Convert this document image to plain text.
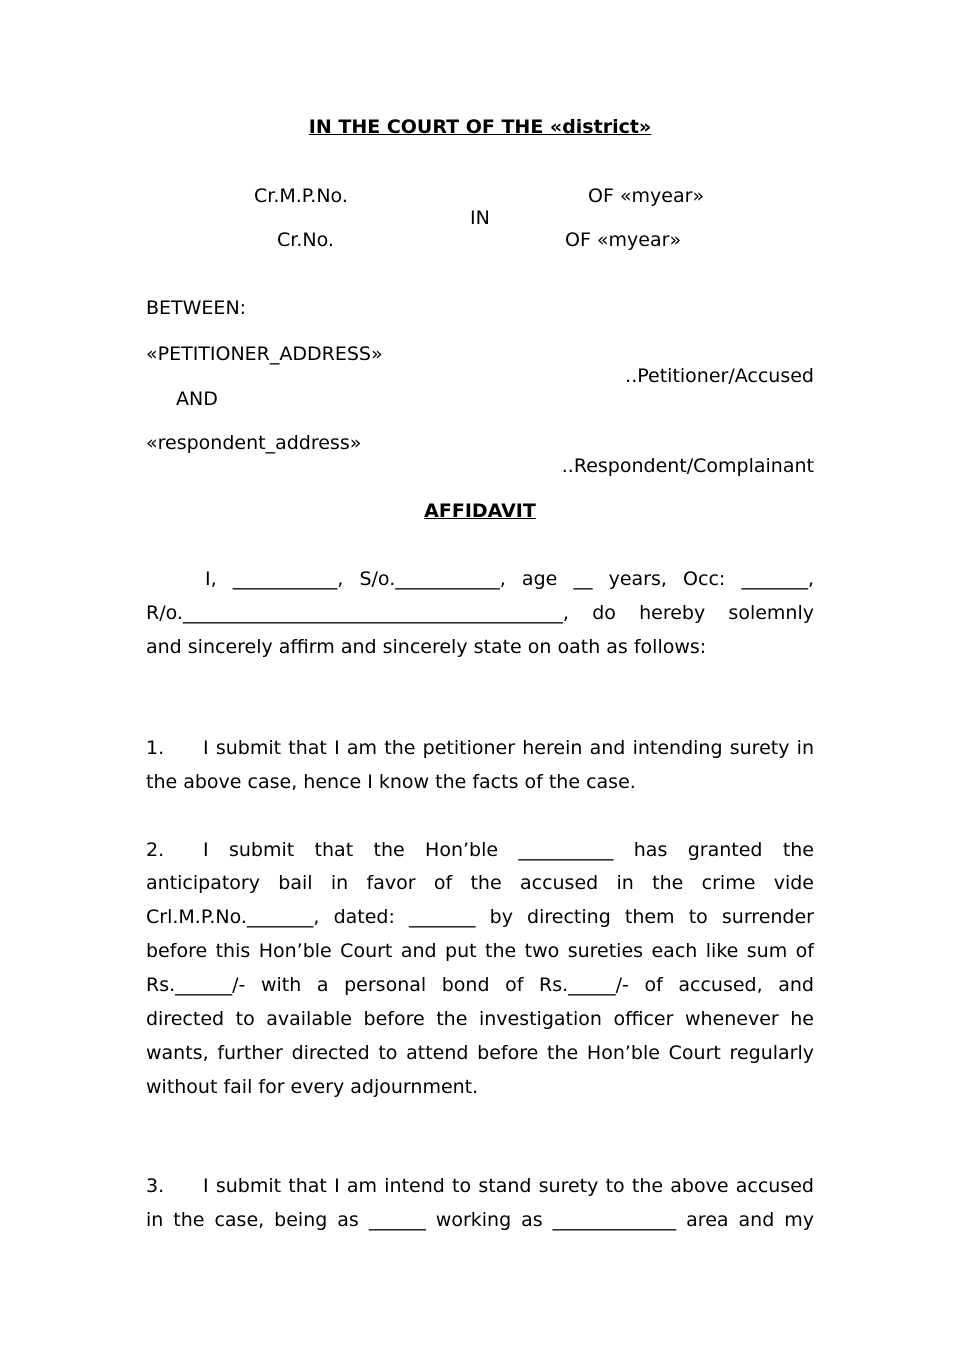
IN THE COURT OF THE «district»
Cr.M.P.No.	OF «myear»
IN
Cr.No.	OF «myear»
BETWEEN:
«PETITIONER_ADDRESS»
..Petitioner/Accused
AND
«respondent_address»
..Respondent/Complainant
AFFIDAVIT
I, ___________, S/o.___________, age __ years, Occ: _______,
R/o.________________________________________, do hereby solemnly
and sincerely affirm and sincerely state on oath as follows:
1. I submit that I am the petitioner herein and intending surety in
the above case, hence I know the facts of the case.
2. I submit that the Hon’ble __________ has granted the
anticipatory bail in favor of the accused in the crime vide
Crl.M.P.No._______, dated: _______ by directing them to surrender
before this Hon’ble Court and put the two sureties each like sum of
Rs.______/- with a personal bond of Rs._____/- of accused, and
directed to available before the investigation officer whenever he
wants, further directed to attend before the Hon’ble Court regularly
without fail for every adjournment.
3. I submit that I am intend to stand surety to the above accused
in the case, being as ______ working as _____________ area and my
